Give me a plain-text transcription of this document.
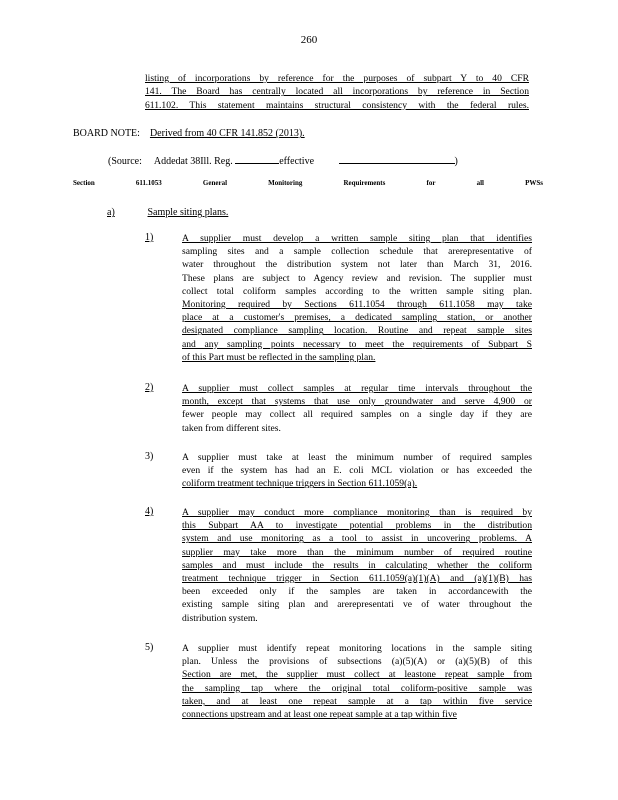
260
listing of incorporations by reference for the purposes of subpart Y to 40 CFR
141. The Board has centrally located all incorporations by reference in Section
611.102. This statement maintains structural consistency with the federal rules.
BOARD NOTE: Derived from 40 CFR 141.852 (2013).
(Source: Addedat 38Ill. Reg.	effective	)
Section	611.1053	General	Monitoring	Requirements	for	all	PWSs
a)	Sample siting plans.
1)	A supplier must develop a written sample siting plan that identifies
sampling sites and a sample collection schedule that arerepresentative of
water throughout the distribution system not later than March 31, 2016.
These plans are subject to Agency review and revision. The supplier must
collect total coliform samples according to the written sample siting plan.
Monitoring required by Sections 611.1054 through 611.1058 may take
place at a customer's premises, a dedicated sampling station, or another
designated compliance sampling location. Routine and repeat sample sites
and any sampling points necessary to meet the requirements of Subpart S
of this Part must be reflected in the sampling plan.
2)	A supplier must collect samples at regular time intervals throughout the
month, except that systems that use only groundwater and serve 4,900 or
fewer people may collect all required samples on a single day if they are
taken from different sites.
3)	A supplier must take at least the minimum number of required samples
even if the system has had an E. coli MCL violation or has exceeded the
coliform treatment technique triggers in Section 611.1059(a).
4)	A supplier may conduct more compliance monitoring than is required by
this Subpart AA to investigate potential problems in the distribution
system and use monitoring as a tool to assist in uncovering problems. A
supplier may take more than the minimum number of required routine
samples and must include the results in calculating whether the coliform
treatment technique trigger in Section 611.1059(a)(1)(A) and (a)(1)(B) has
been exceeded only if the samples are taken in accordancewith the
existing sample siting plan and arerepresentati ve of water throughout the
distribution system.
5)	A supplier must identify repeat monitoring locations in the sample siting
plan. Unless the provisions of subsections (a)(5)(A) or (a)(5)(B) of this
Section are met, the supplier must collect at leastone repeat sample from
the sampling tap where the original total coliform-positive sample was
taken, and at least one repeat sample at a tap within five service
connections upstream and at least one repeat sample at a tap within five
